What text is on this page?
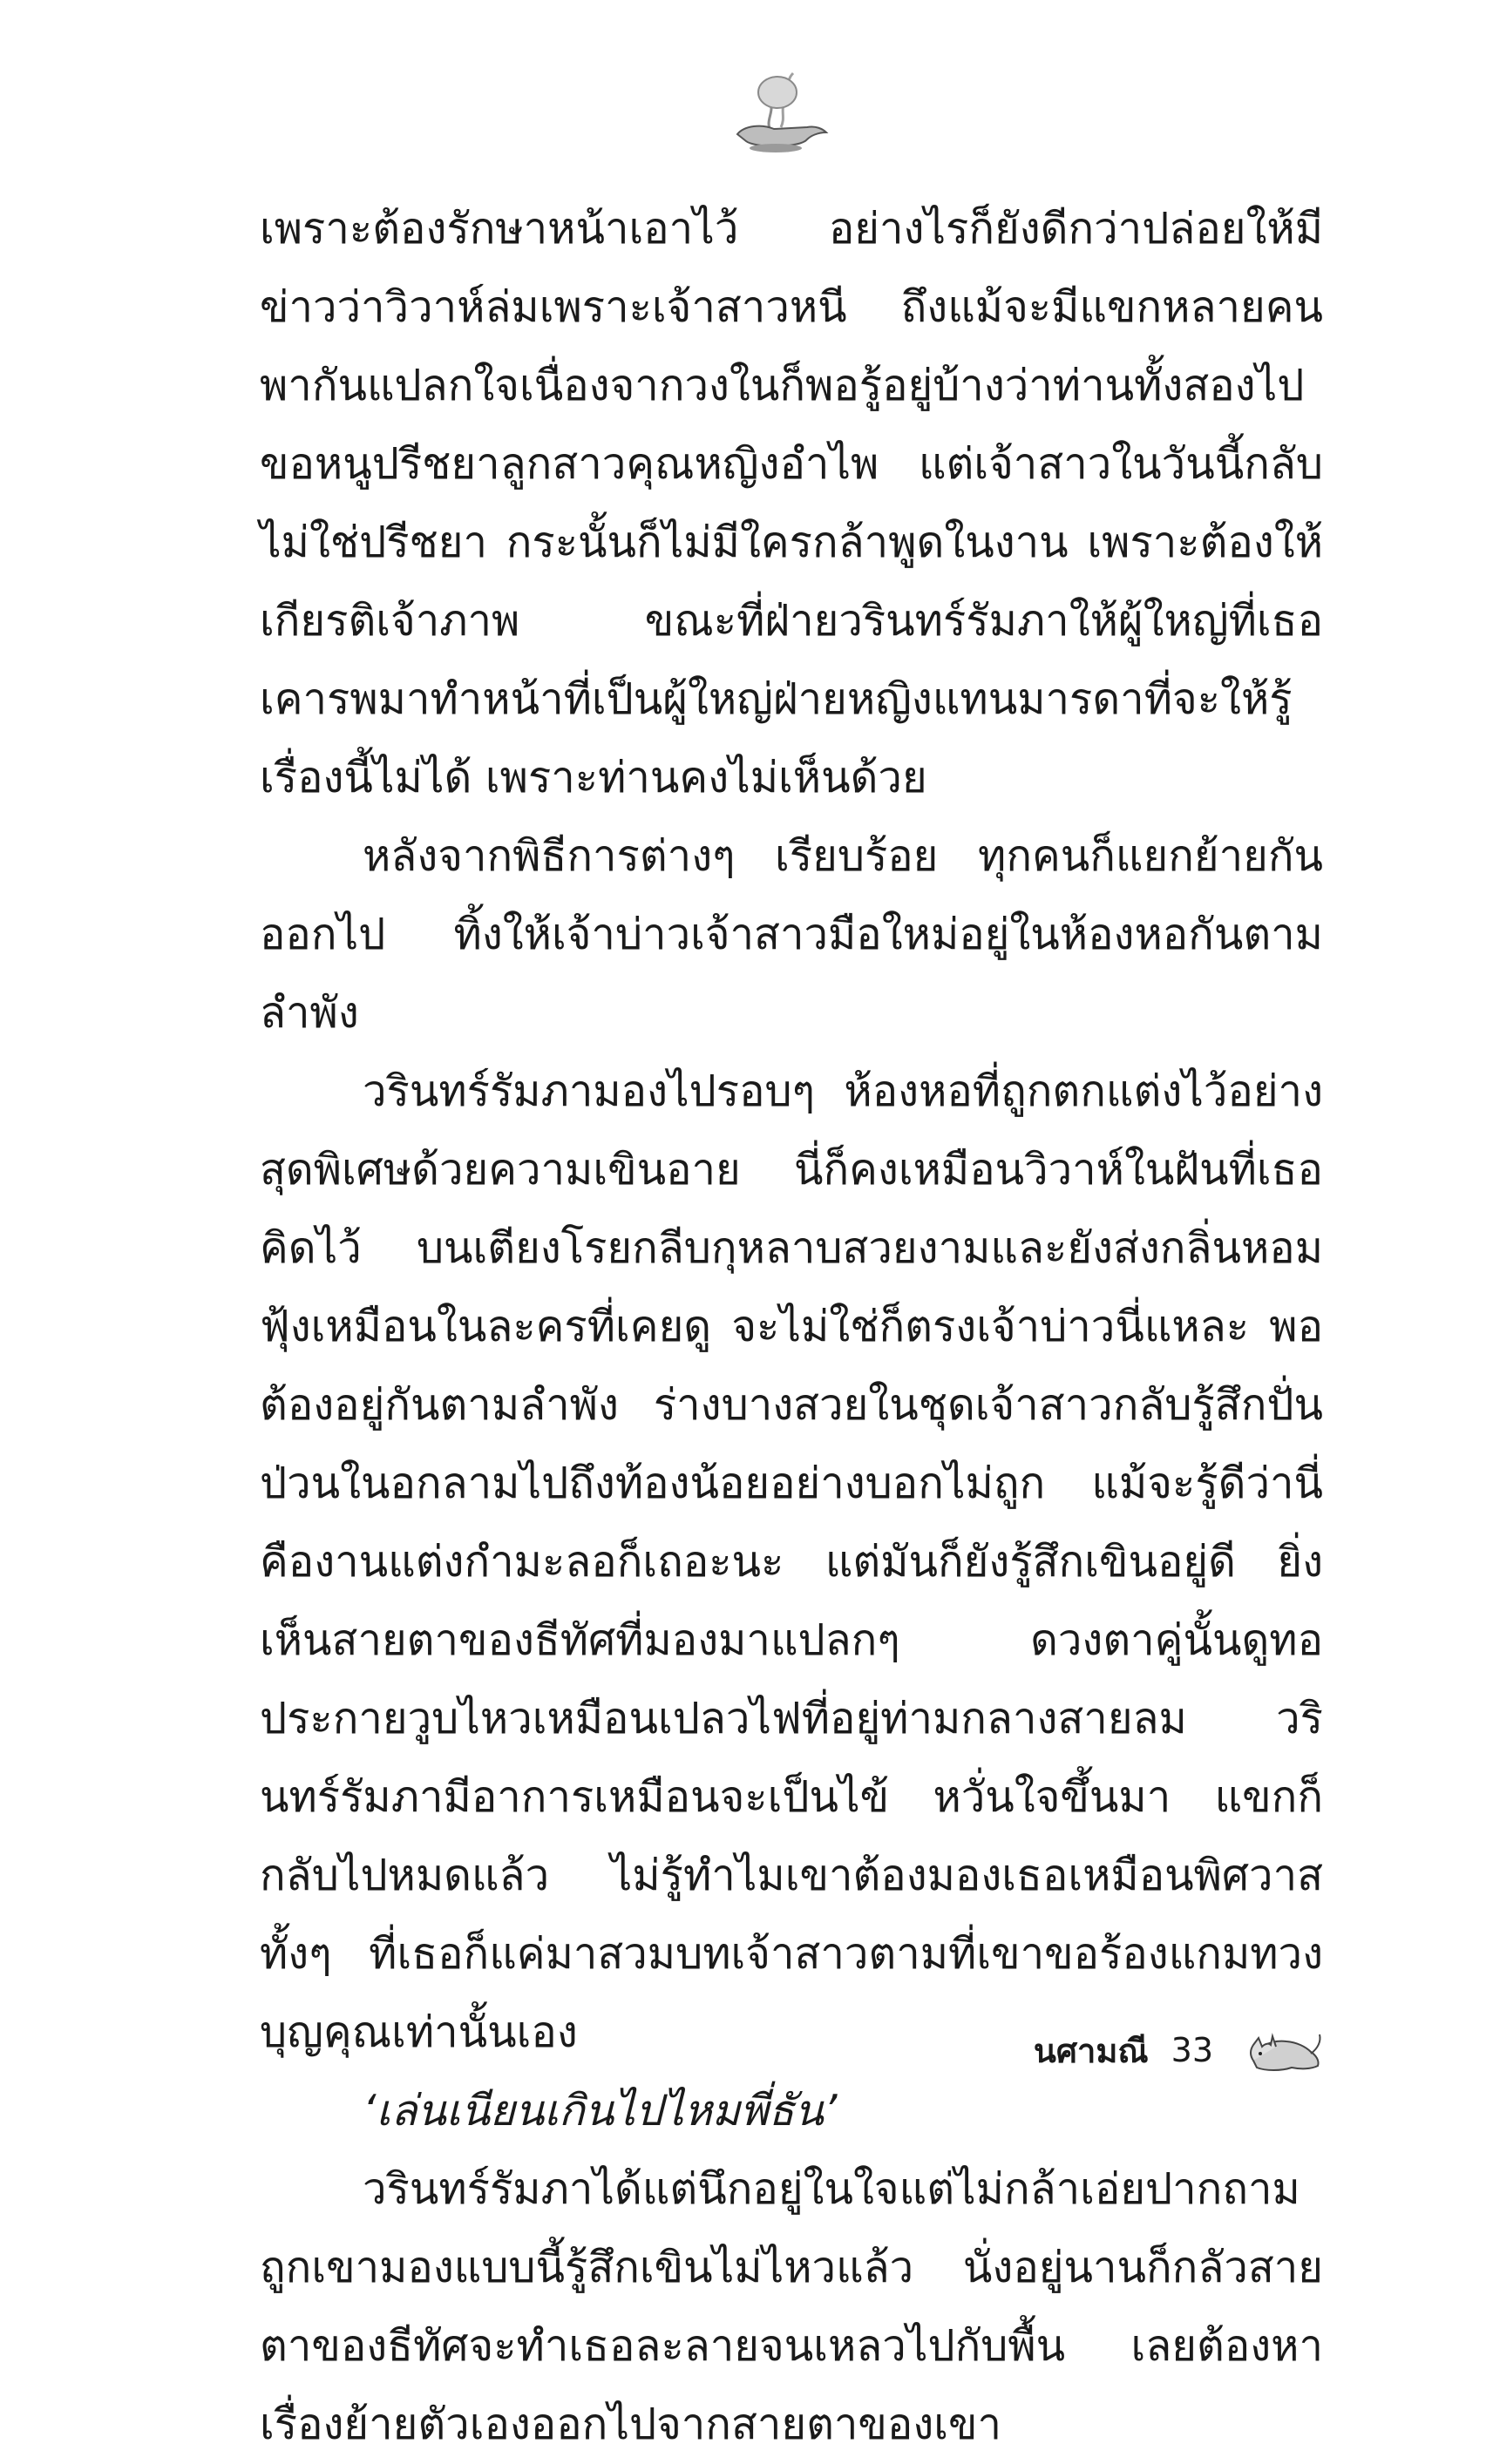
เพราะต้องรักษาหน้าเอาไว้ อย่างไรก็ยังดีกว่าปล่อยให้มีข่าวว่าวิวาห์ล่มเพราะเจ้าสาวหนี ถึงแม้จะมีแขกหลายคนพากันแปลกใจเนื่องจากวงในก็พอรู้อยู่บ้างว่าท่านทั้งสองไปขอหนูปรีชยาลูกสาวคุณหญิงอำไพ แต่เจ้าสาวในวันนี้กลับไม่ใช่ปรีชยา กระนั้นก็ไม่มีใครกล้าพูดในงาน เพราะต้องให้เกียรติเจ้าภาพ ขณะที่ฝ่ายวรินทร์รัมภาให้ผู้ใหญ่ที่เธอเคารพมาทำหน้าที่เป็นผู้ใหญ่ฝ่ายหญิงแทนมารดาที่จะให้รู้เรื่องนี้ไม่ได้ เพราะท่านคงไม่เห็นด้วย

หลังจากพิธีการต่างๆ เรียบร้อย ทุกคนก็แยกย้ายกันออกไป ทิ้งให้เจ้าบ่าวเจ้าสาวมือใหม่อยู่ในห้องหอกันตามลำพัง

วรินทร์รัมภามองไปรอบๆ ห้องหอที่ถูกตกแต่งไว้อย่างสุดพิเศษด้วยความเขินอาย นี่ก็คงเหมือนวิวาห์ในฝันที่เธอคิดไว้ บนเตียงโรยกลีบกุหลาบสวยงามและยังส่งกลิ่นหอมฟุ้งเหมือนในละครที่เคยดู จะไม่ใช่ก็ตรงเจ้าบ่าวนี่แหละ พอต้องอยู่กันตามลำพัง ร่างบางสวยในชุดเจ้าสาวกลับรู้สึกปั่นป่วนในอกลามไปถึงท้องน้อยอย่างบอกไม่ถูก แม้จะรู้ดีว่านี่คืองานแต่งกำมะลอก็เถอะนะ แต่มันก็ยังรู้สึกเขินอยู่ดี ยิ่งเห็นสายตาของธีทัศที่มองมาแปลกๆ ดวงตาคู่นั้นดูทอประกายวูบไหวเหมือนเปลวไฟที่อยู่ท่ามกลางสายลม วรินทร์รัมภามีอาการเหมือนจะเป็นไข้ หวั่นใจขึ้นมา แขกก็กลับไปหมดแล้ว ไม่รู้ทำไมเขาต้องมองเธอเหมือนพิศวาส ทั้งๆ ที่เธอก็แค่มาสวมบทเจ้าสาวตามที่เขาขอร้องแกมทวงบุญคุณเท่านั้นเอง

‘เล่นเนียนเกินไปไหมพี่ธัน’

วรินทร์รัมภาได้แต่นึกอยู่ในใจแต่ไม่กล้าเอ่ยปากถาม ถูกเขามองแบบนี้รู้สึกเขินไม่ไหวแล้ว นั่งอยู่นานก็กลัวสายตาของธีทัศจะทำเธอละลายจนเหลวไปกับพื้น เลยต้องหาเรื่องย้ายตัวเองออกไปจากสายตาของเขา

นศามณี 33
